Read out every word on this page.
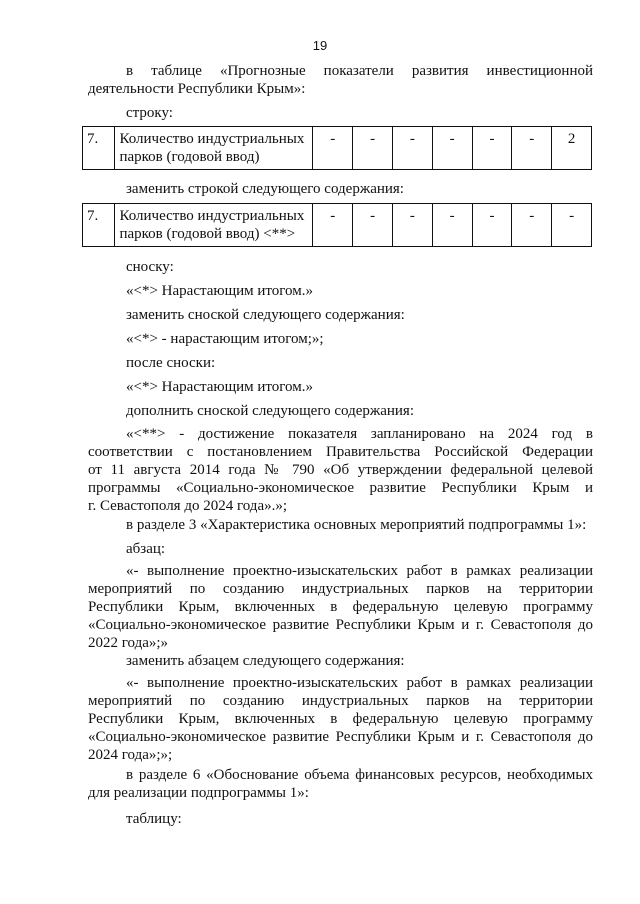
19
в таблице «Прогнозные показатели развития инвестиционной
деятельности Республики Крым»:
строку:
7.	Количество индустриальных парков (годовой ввод)	-	-	-	-	-	-	2
заменить строкой следующего содержания:
7.	Количество индустриальных парков (годовой ввод) <**>	-	-	-	-	-	-	-
сноску:
«<*> Нарастающим итогом.»
заменить сноской следующего содержания:
«<*> - нарастающим итогом;»;
после сноски:
«<*> Нарастающим итогом.»
дополнить сноской следующего содержания:
«<**> - достижение показателя запланировано на 2024 год в
соответствии с постановлением Правительства Российской Федерации
от 11 августа 2014 года № 790 «Об утверждении федеральной целевой
программы «Социально-экономическое развитие Республики Крым и
г. Севастополя до 2024 года».»;
в разделе 3 «Характеристика основных мероприятий подпрограммы 1»:
абзац:
«- выполнение проектно-изыскательских работ в рамках реализации
мероприятий по созданию индустриальных парков на территории
Республики Крым, включенных в федеральную целевую программу
«Социально-экономическое развитие Республики Крым и г. Севастополя до
2022 года»;»
заменить абзацем следующего содержания:
«- выполнение проектно-изыскательских работ в рамках реализации
мероприятий по созданию индустриальных парков на территории
Республики Крым, включенных в федеральную целевую программу
«Социально-экономическое развитие Республики Крым и г. Севастополя до
2024 года»;»;
в разделе 6 «Обоснование объема финансовых ресурсов, необходимых
для реализации подпрограммы 1»:
таблицу:
